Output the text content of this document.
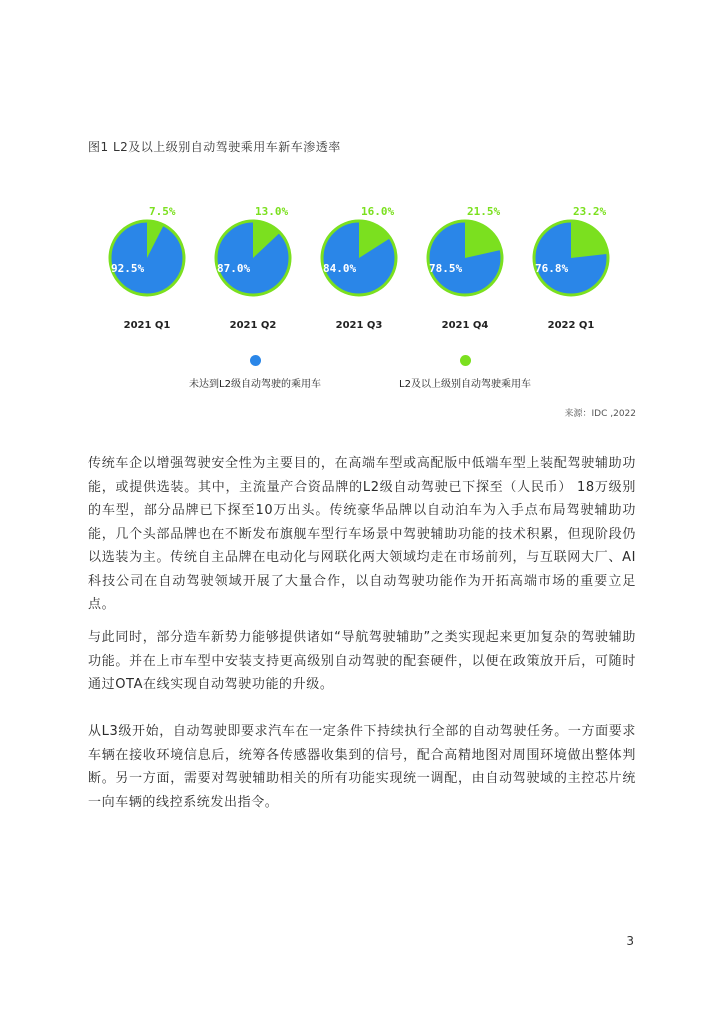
图1 L2及以上级别自动驾驶乘用车新车渗透率
7.5%
92.5%
2021 Q1
13.0%
87.0%
2021 Q2
16.0%
84.0%
2021 Q3
21.5%
78.5%
2021 Q4
23.2%
76.8%
2022 Q1
未达到L2级自动驾驶的乘用车	L2及以上级别自动驾驶乘用车
来源：IDC ,2022
传统车企以增强驾驶安全性为主要目的，在高端车型或高配版中低端车型上装配驾驶辅助功能，或提供选装。其中，主流量产合资品牌的L2级自动驾驶已下探至（人民币） 18万级别的车型，部分品牌已下探至10万出头。传统豪华品牌以自动泊车为入手点布局驾驶辅助功能，几个头部品牌也在不断发布旗舰车型行车场景中驾驶辅助功能的技术积累，但现阶段仍以选装为主。传统自主品牌在电动化与网联化两大领域均走在市场前列，与互联网大厂、AI科技公司在自动驾驶领域开展了大量合作，以自动驾驶功能作为开拓高端市场的重要立足点。
与此同时，部分造车新势力能够提供诸如“导航驾驶辅助”之类实现起来更加复杂的驾驶辅助功能。并在上市车型中安装支持更高级别自动驾驶的配套硬件，以便在政策放开后，可随时通过OTA在线实现自动驾驶功能的升级。
从L3级开始，自动驾驶即要求汽车在一定条件下持续执行全部的自动驾驶任务。一方面要求车辆在接收环境信息后，统筹各传感器收集到的信号，配合高精地图对周围环境做出整体判断。另一方面，需要对驾驶辅助相关的所有功能实现统一调配，由自动驾驶域的主控芯片统一向车辆的线控系统发出指令。
3
